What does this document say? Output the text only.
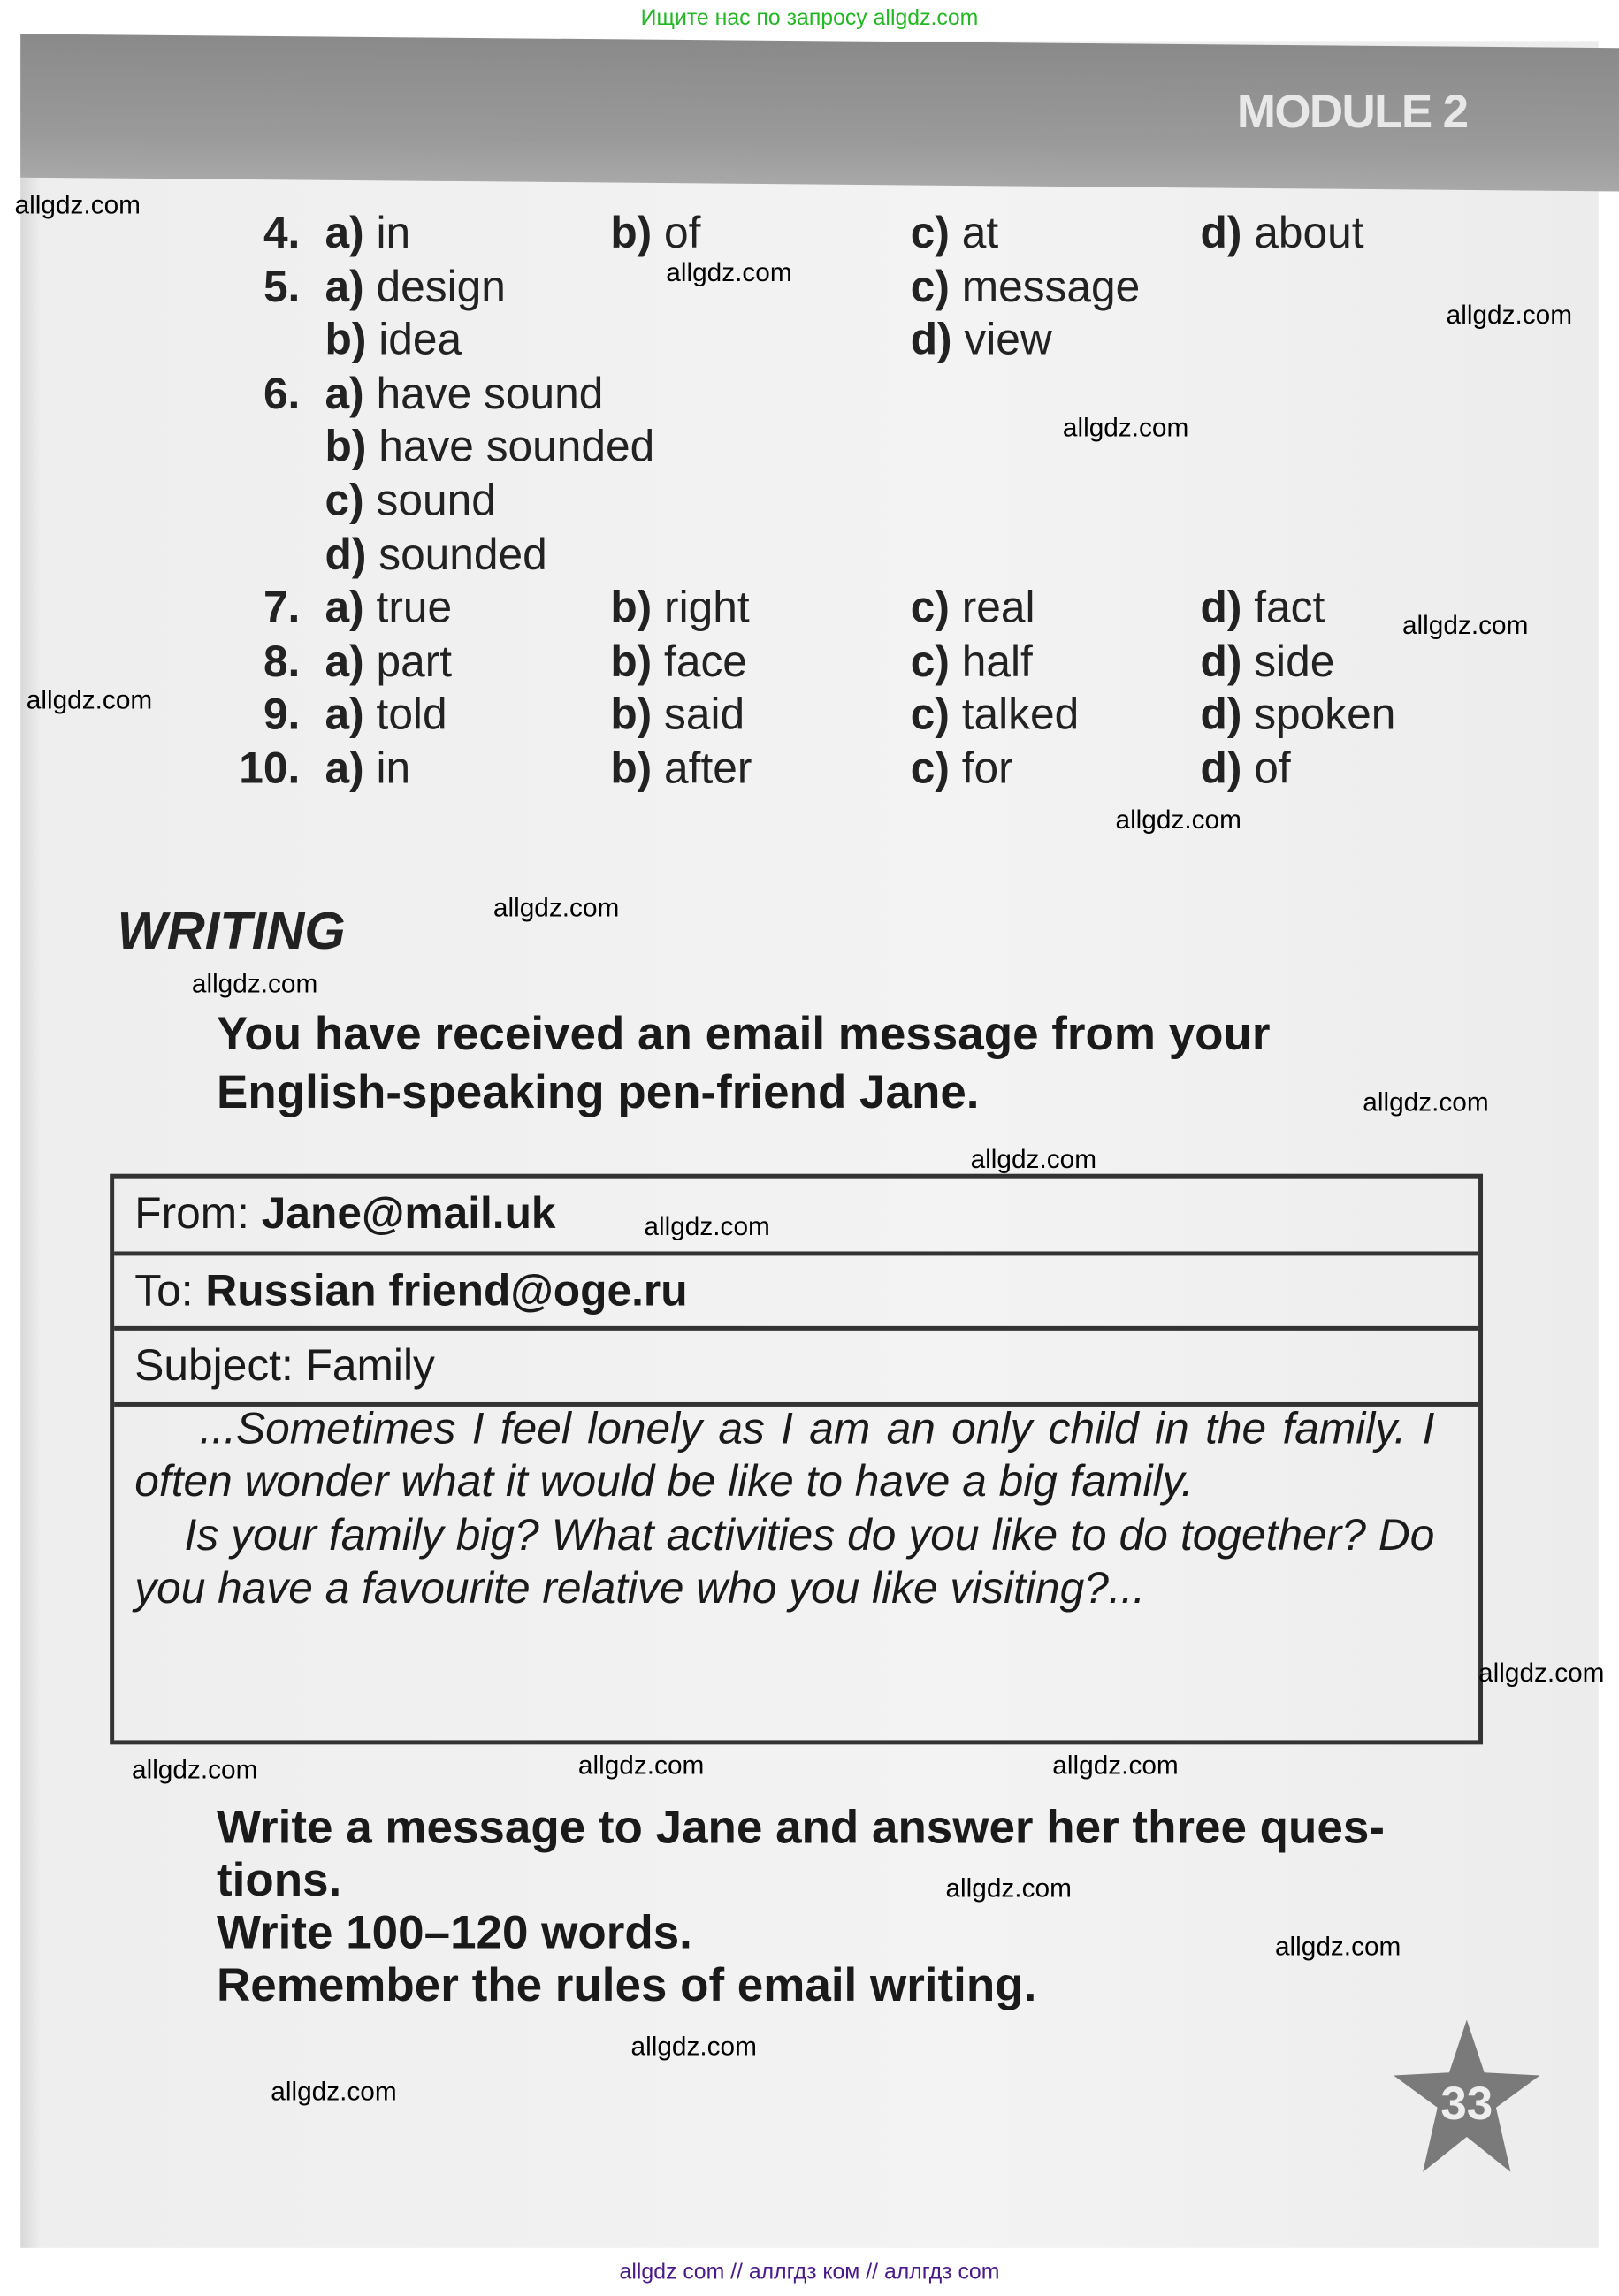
Ищите нас по запросу allgdz.com
MODULE 2
4. a) in	b) of	c) at	d) about
5. a) design	c) message
b) idea	d) view
6. a) have sound
b) have sounded
c) sound
d) sounded
7. a) true	b) right	c) real	d) fact
8. a) part	b) face	c) half	d) side
9. a) told	b) said	c) talked	d) spoken
10. a) in	b) after	c) for	d) of
WRITING
You have received an email message from your
English-speaking pen-friend Jane.
From: Jane@mail.uk
To: Russian friend@oge.ru
Subject: Family
...Sometimes I feel lonely as I am an only child in the family. I often wonder what it would be like to have a big family.
Is your family big? What activities do you like to do together? Do you have a favourite relative who you like visiting?...
Write a message to Jane and answer her three ques-
tions.
Write 100–120 words.
Remember the rules of email writing.
33
allgdz.com
allgdz.com
allgdz.com
allgdz.com
allgdz.com
allgdz.com
allgdz.com
allgdz.com
allgdz.com
allgdz.com
allgdz.com
allgdz.com
allgdz.com
allgdz.com
allgdz.com
allgdz.com
allgdz.com
allgdz.com
allgdz.com
allgdz.com
allgdz com // аллгдз ком // аллгдз com
